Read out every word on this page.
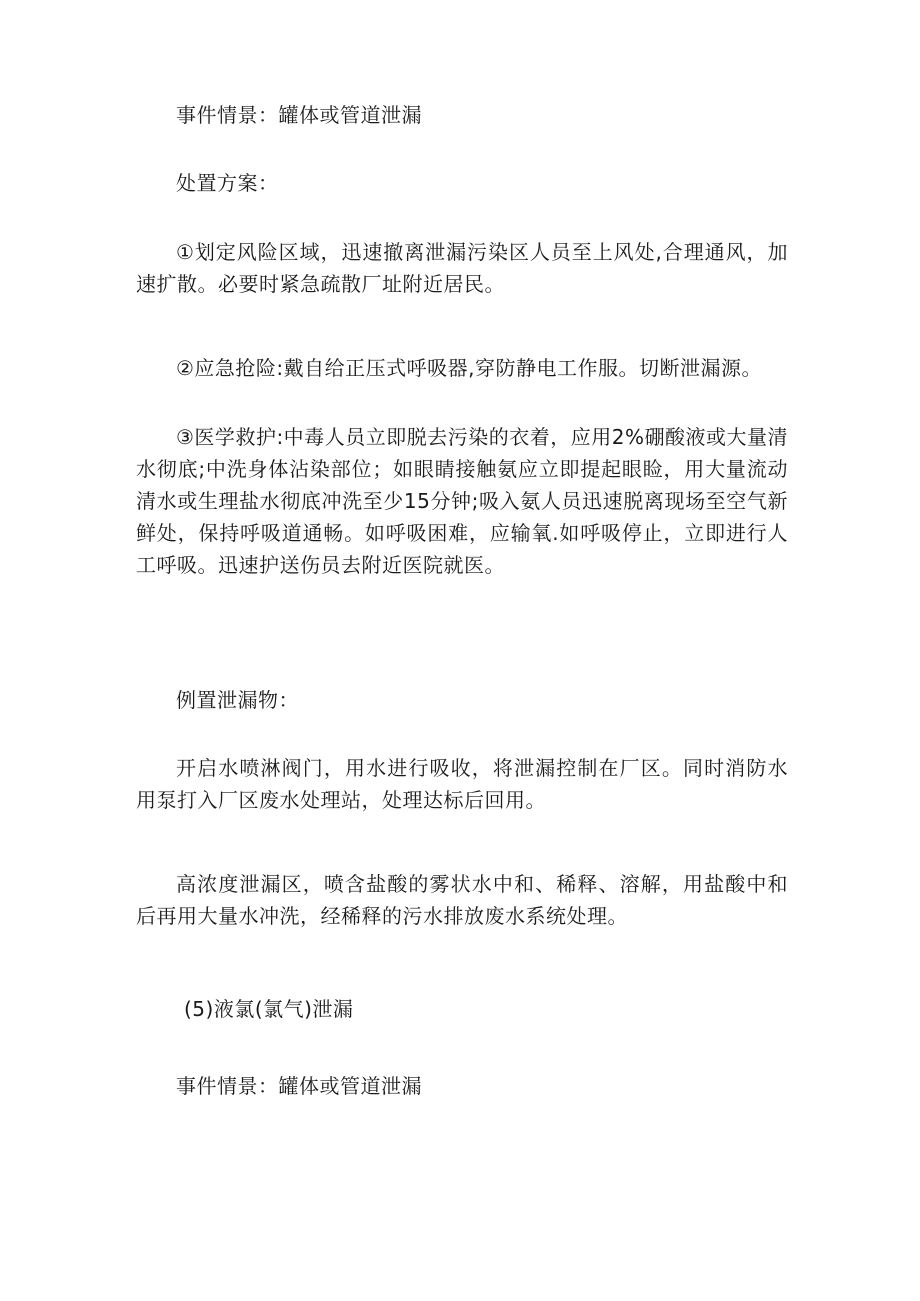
事件情景：罐体或管道泄漏

处置方案：

①划定风险区域，迅速撤离泄漏污染区人员至上风处,合理通风，加速扩散。必要时紧急疏散厂址附近居民。

②应急抢险:戴自给正压式呼吸器,穿防静电工作服。切断泄漏源。

③医学救护:中毒人员立即脱去污染的衣着，应用2%硼酸液或大量清水彻底;中洗身体沾染部位；如眼睛接触氨应立即提起眼睑，用大量流动清水或生理盐水彻底冲洗至少15分钟;吸入氨人员迅速脱离现场至空气新鲜处，保持呼吸道通畅。如呼吸困难，应输氧.如呼吸停止，立即进行人工呼吸。迅速护送伤员去附近医院就医。

例置泄漏物：

开启水喷淋阀门，用水进行吸收，将泄漏控制在厂区。同时消防水用泵打入厂区废水处理站，处理达标后回用。

高浓度泄漏区，喷含盐酸的雾状水中和、稀释、溶解，用盐酸中和后再用大量水冲洗，经稀释的污水排放废水系统处理。

(5)液氯(氯气)泄漏

事件情景：罐体或管道泄漏
